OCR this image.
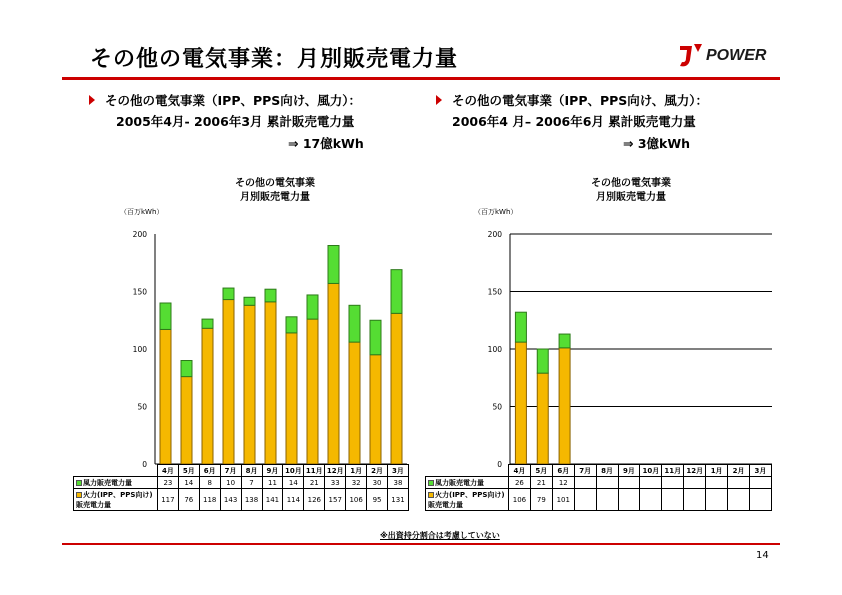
その他の電気事業：月別販売電力量	POWER
その他の電気事業（IPP、PPS向け、風力）：
2005年4月- 2006年3月 累計販売電力量
⇒ 17億kWh
その他の電気事業（IPP、PPS向け、風力）：
2006年4 月– 2006年6月 累計販売電力量
⇒ 3億kWh
その他の電気事業
月別販売電力量
その他の電気事業
月別販売電力量
（百万kWh）	（百万kWh）
0
50
100
150
200
0
50
100
150
200
	4月	5月	6月	7月	8月	9月	10月	11月	12月	1月	2月	3月
風力販売電力量	23	14	8	10	7	11	14	21	33	32	30	38
火力(IPP、PPS向け)
販売電力量	117	76	118	143	138	141	114	126	157	106	95	131
	4月	5月	6月	7月	8月	9月	10月	11月	12月	1月	2月	3月
風力販売電力量	26	21	12									
火力(IPP、PPS向け)
販売電力量	106	79	101									
※出資持分割合は考慮していない
14
